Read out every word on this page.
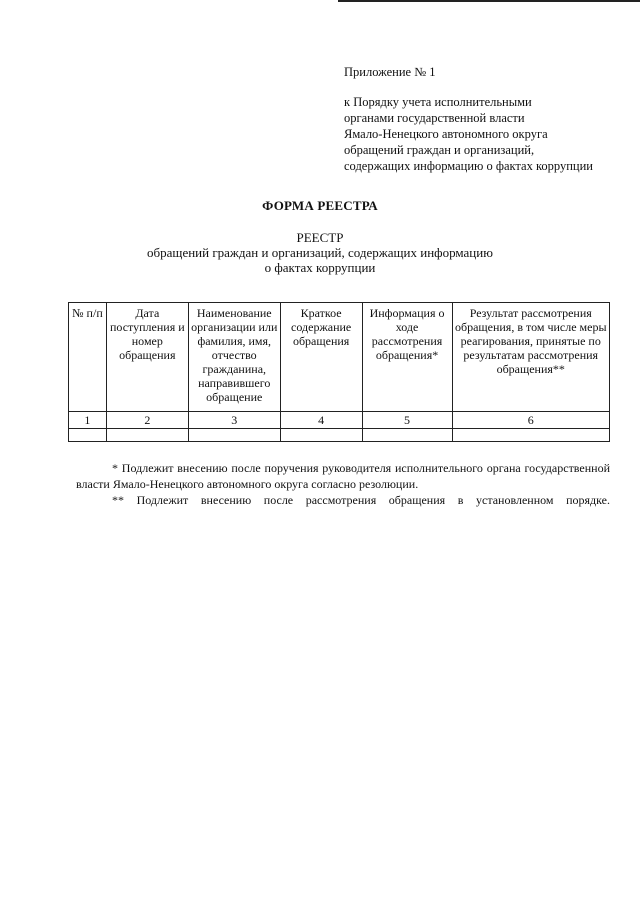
Приложение № 1
к Порядку учета исполнительными
органами государственной власти
Ямало-Ненецкого автономного округа
обращений граждан и организаций,
содержащих информацию о фактах коррупции
ФОРМА РЕЕСТРА
РЕЕСТР
обращений граждан и организаций, содержащих информацию
о фактах коррупции
№ п/п	Дата поступления и номер обращения	Наименование организации или фамилия, имя, отчество гражданина, направившего обращение	Краткое содержание обращения	Информация о ходе рассмотрения обращения*	Результат рассмотрения обращения, в том числе меры реагирования, принятые по результатам рассмотрения обращения**
1	2	3	4	5	6

* Подлежит внесению после поручения руководителя исполнительного органа государственной власти Ямало-Ненецкого автономного округа согласно резолюции.

** Подлежит внесению после рассмотрения обращения в установленном порядке.
